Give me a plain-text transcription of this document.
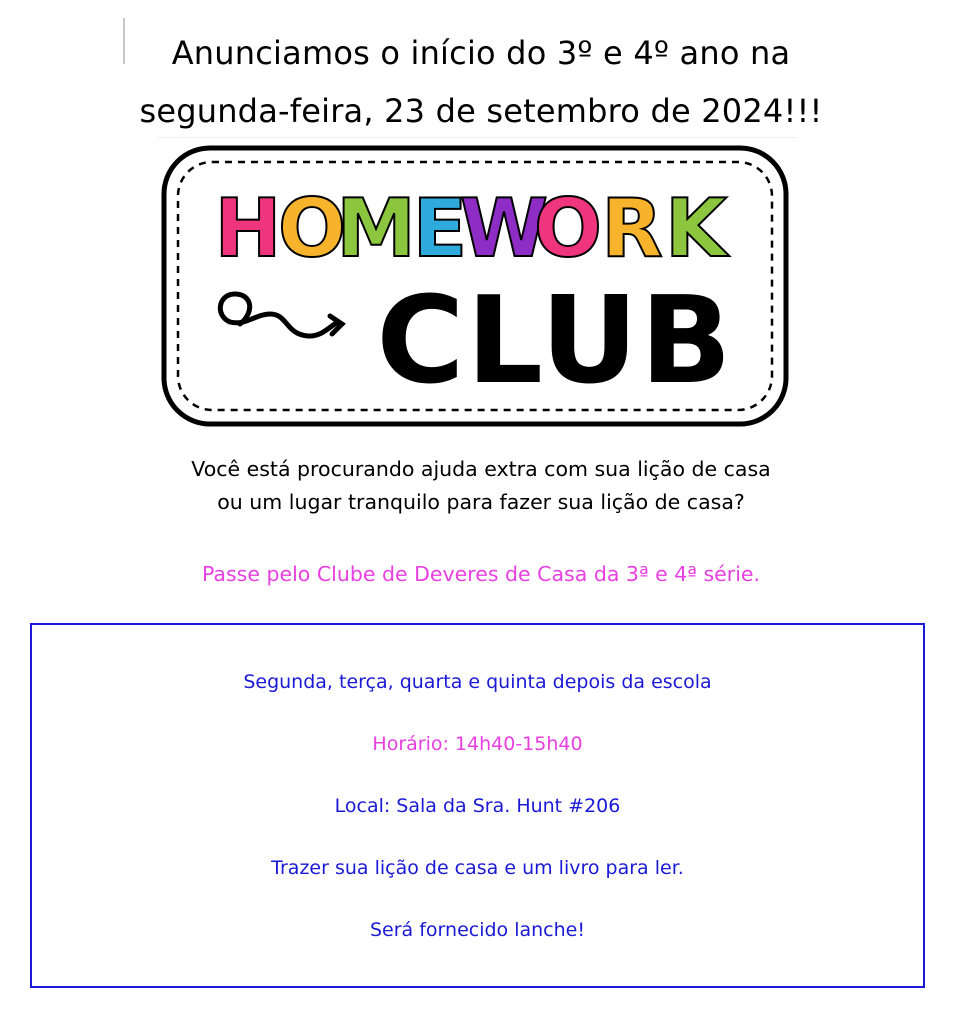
Anunciamos o início do 3º e 4º ano na
segunda-feira, 23 de setembro de 2024!!!
H
O
M
E
W
O R K
CLUB
Você está procurando ajuda extra com sua lição de casa
ou um lugar tranquilo para fazer sua lição de casa?
Passe pelo Clube de Deveres de Casa da 3ª e 4ª série.
Segunda, terça, quarta e quinta depois da escola
Horário: 14h40-15h40
Local: Sala da Sra. Hunt #206
Trazer sua lição de casa e um livro para ler.
Será fornecido lanche!
